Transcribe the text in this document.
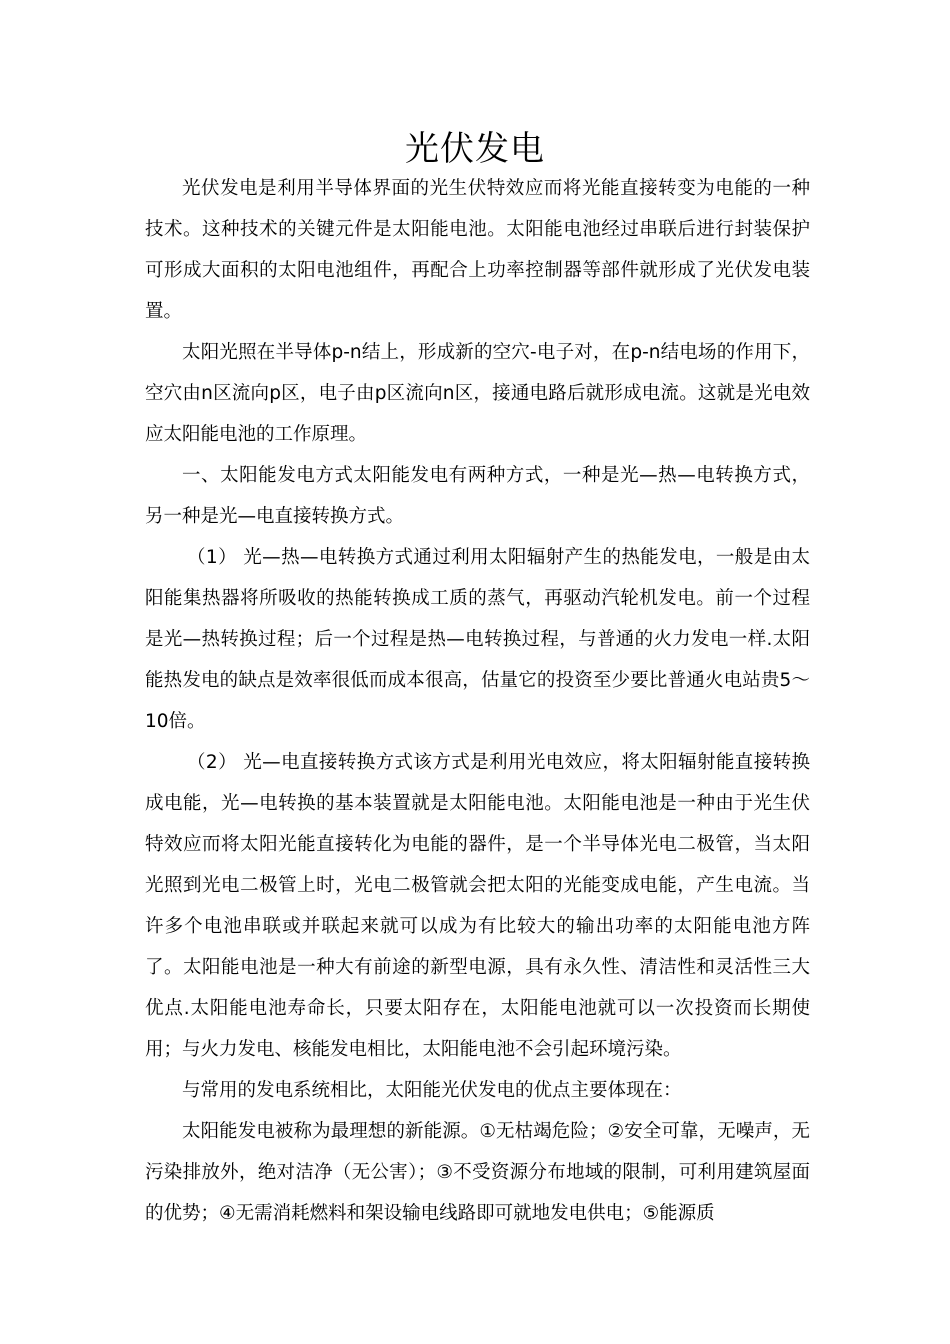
光伏发电

光伏发电是利用半导体界面的光生伏特效应而将光能直接转变为电能的一种技术。这种技术的关键元件是太阳能电池。太阳能电池经过串联后进行封装保护可形成大面积的太阳电池组件，再配合上功率控制器等部件就形成了光伏发电装置。

太阳光照在半导体p-n结上，形成新的空穴-电子对，在p-n结电场的作用下，空穴由n区流向p区，电子由p区流向n区，接通电路后就形成电流。这就是光电效应太阳能电池的工作原理。

一、太阳能发电方式太阳能发电有两种方式，一种是光—热—电转换方式，另一种是光—电直接转换方式。

（1） 光—热—电转换方式通过利用太阳辐射产生的热能发电，一般是由太阳能集热器将所吸收的热能转换成工质的蒸气，再驱动汽轮机发电。前一个过程是光—热转换过程；后一个过程是热—电转换过程，与普通的火力发电一样.太阳能热发电的缺点是效率很低而成本很高，估量它的投资至少要比普通火电站贵5～10倍。

（2） 光—电直接转换方式该方式是利用光电效应，将太阳辐射能直接转换成电能，光—电转换的基本装置就是太阳能电池。太阳能电池是一种由于光生伏特效应而将太阳光能直接转化为电能的器件，是一个半导体光电二极管，当太阳光照到光电二极管上时，光电二极管就会把太阳的光能变成电能，产生电流。当许多个电池串联或并联起来就可以成为有比较大的输出功率的太阳能电池方阵了。太阳能电池是一种大有前途的新型电源，具有永久性、清洁性和灵活性三大优点.太阳能电池寿命长，只要太阳存在，太阳能电池就可以一次投资而长期使用；与火力发电、核能发电相比，太阳能电池不会引起环境污染。

与常用的发电系统相比，太阳能光伏发电的优点主要体现在：

太阳能发电被称为最理想的新能源。①无枯竭危险；②安全可靠，无噪声，无污染排放外，绝对洁净（无公害）；③不受资源分布地域的限制，可利用建筑屋面的优势；④无需消耗燃料和架设输电线路即可就地发电供电；⑤能源质
